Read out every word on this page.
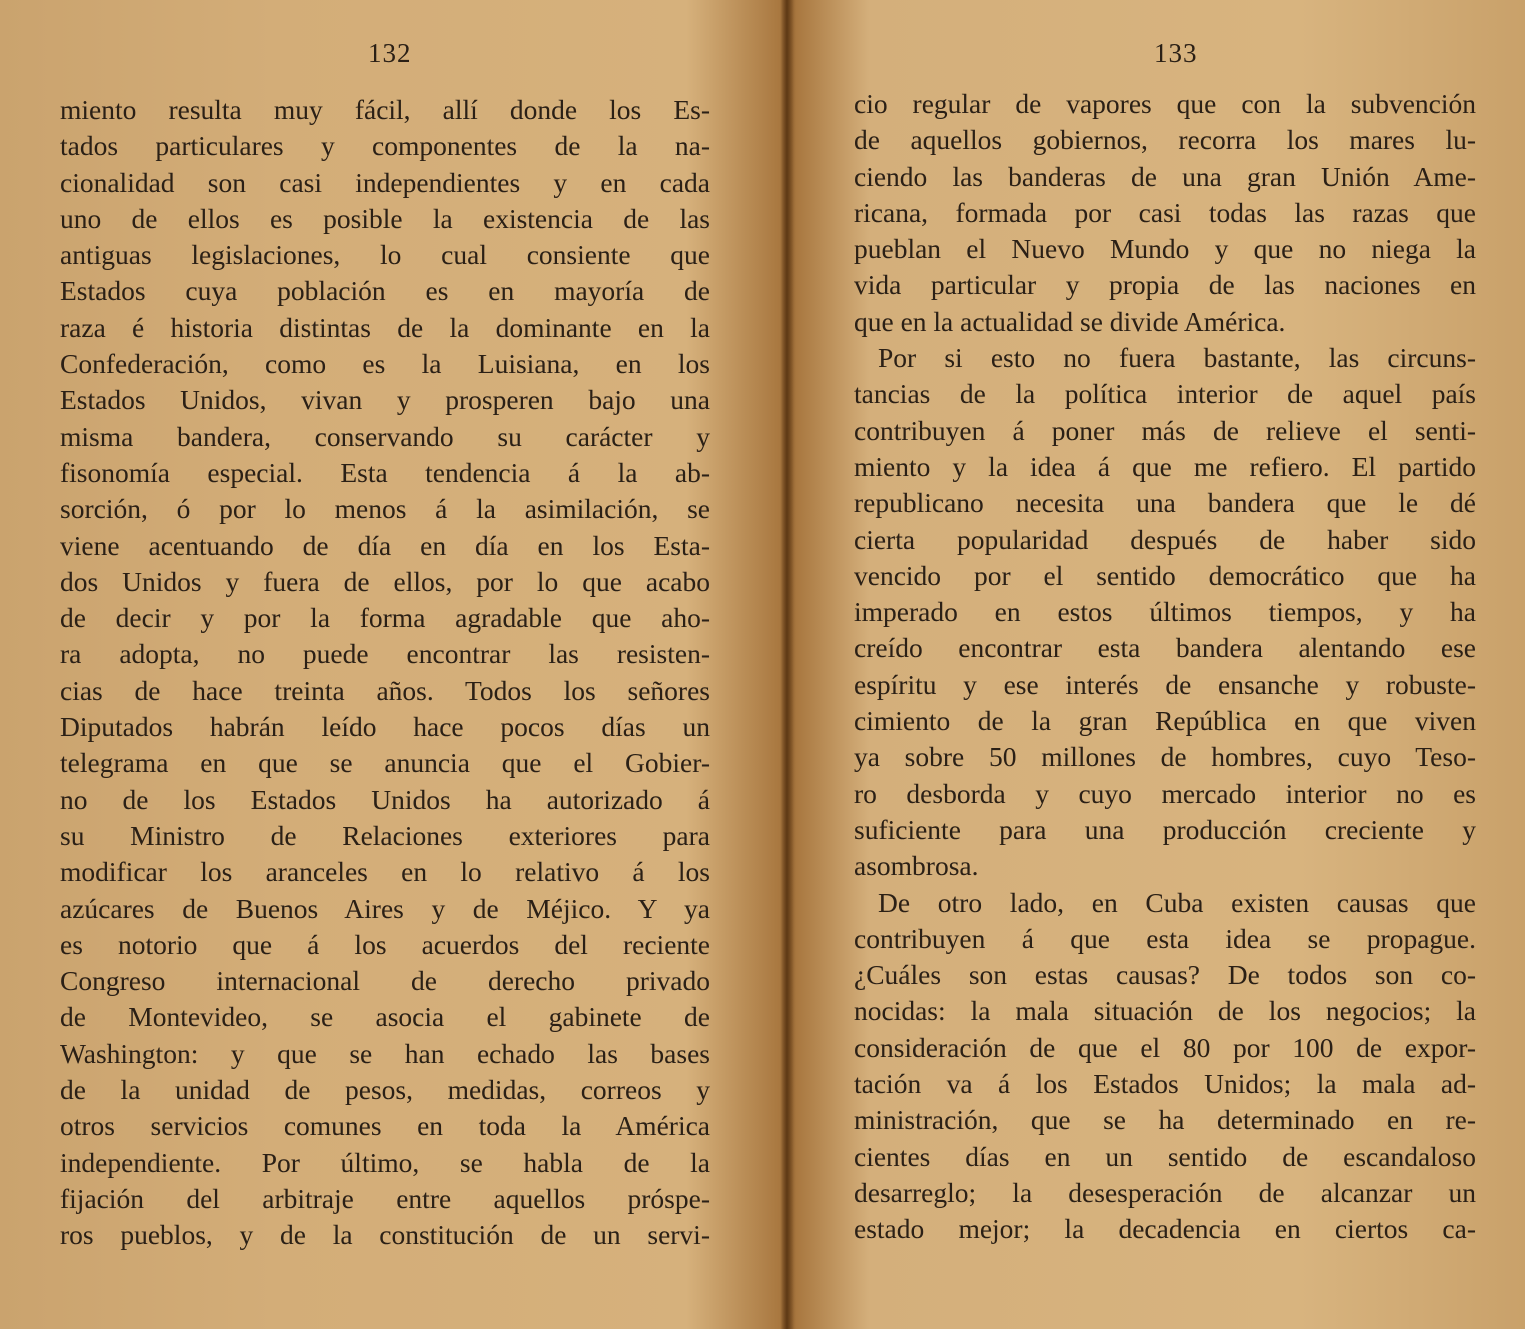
132
miento resulta muy fácil, allí donde los Es-
tados particulares y componentes de la na-
cionalidad son casi independientes y en cada
uno de ellos es posible la existencia de las
antiguas legislaciones, lo cual consiente que
Estados cuya población es en mayoría de
raza é historia distintas de la dominante en la
Confederación, como es la Luisiana, en los
Estados Unidos, vivan y prosperen bajo una
misma bandera, conservando su carácter y
fisonomía especial. Esta tendencia á la ab-
sorción, ó por lo menos á la asimilación, se
viene acentuando de día en día en los Esta-
dos Unidos y fuera de ellos, por lo que acabo
de decir y por la forma agradable que aho-
ra adopta, no puede encontrar las resisten-
cias de hace treinta años. Todos los señores
Diputados habrán leído hace pocos días un
telegrama en que se anuncia que el Gobier-
no de los Estados Unidos ha autorizado á
su Ministro de Relaciones exteriores para
modificar los aranceles en lo relativo á los
azúcares de Buenos Aires y de Méjico. Y ya
es notorio que á los acuerdos del reciente
Congreso internacional de derecho privado
de Montevideo, se asocia el gabinete de
Washington: y que se han echado las bases
de la unidad de pesos, medidas, correos y
otros servicios comunes en toda la América
independiente. Por último, se habla de la
fijación del arbitraje entre aquellos próspe-
ros pueblos, y de la constitución de un servi-
133
cio regular de vapores que con la subvención
de aquellos gobiernos, recorra los mares lu-
ciendo las banderas de una gran Unión Ame-
ricana, formada por casi todas las razas que
pueblan el Nuevo Mundo y que no niega la
vida particular y propia de las naciones en
que en la actualidad se divide América.
Por si esto no fuera bastante, las circuns-
tancias de la política interior de aquel país
contribuyen á poner más de relieve el senti-
miento y la idea á que me refiero. El partido
republicano necesita una bandera que le dé
cierta popularidad después de haber sido
vencido por el sentido democrático que ha
imperado en estos últimos tiempos, y ha
creído encontrar esta bandera alentando ese
espíritu y ese interés de ensanche y robuste-
cimiento de la gran República en que viven
ya sobre 50 millones de hombres, cuyo Teso-
ro desborda y cuyo mercado interior no es
suficiente para una producción creciente y
asombrosa.
De otro lado, en Cuba existen causas que
contribuyen á que esta idea se propague.
¿Cuáles son estas causas? De todos son co-
nocidas: la mala situación de los negocios; la
consideración de que el 80 por 100 de expor-
tación va á los Estados Unidos; la mala ad-
ministración, que se ha determinado en re-
cientes días en un sentido de escandaloso
desarreglo; la desesperación de alcanzar un
estado mejor; la decadencia en ciertos ca-
